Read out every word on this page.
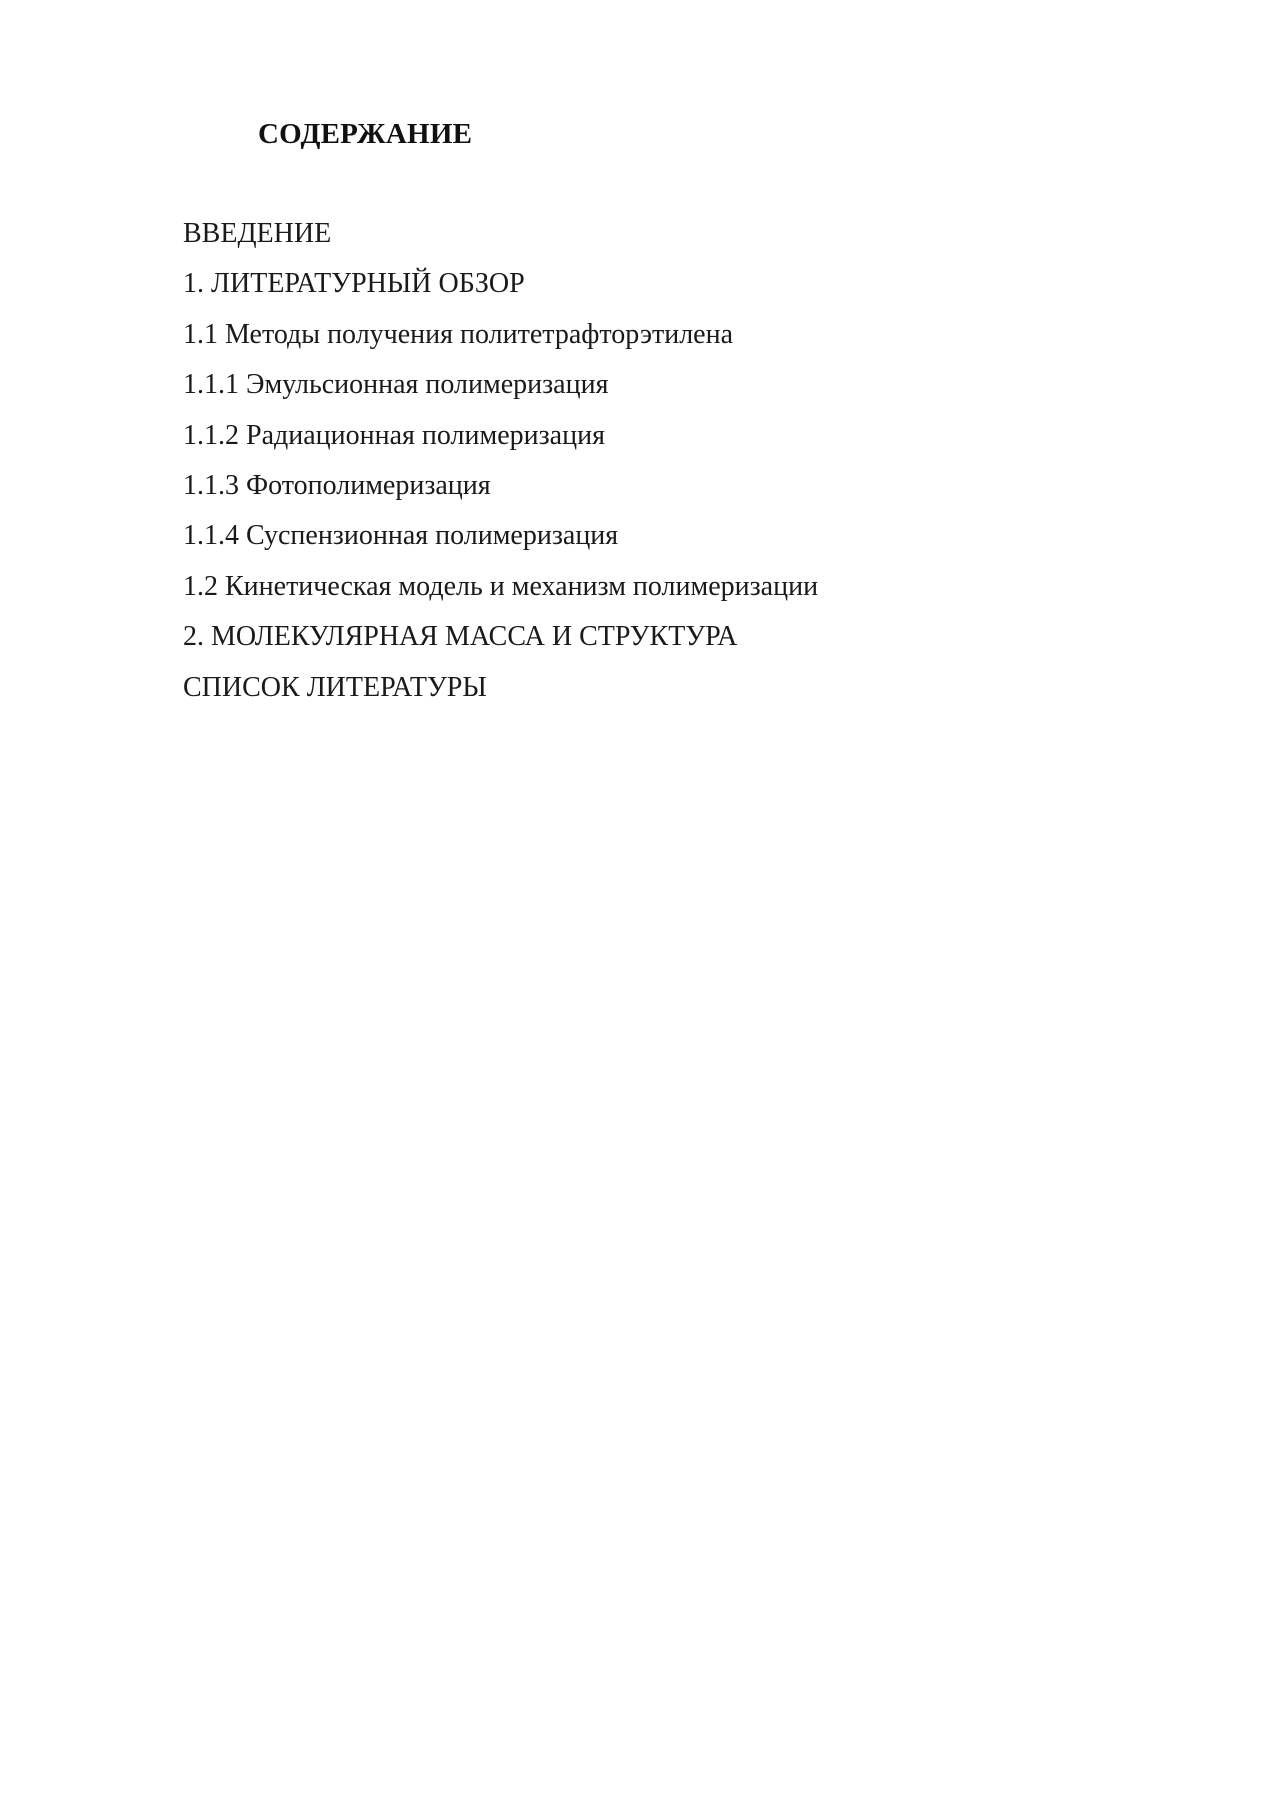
СОДЕРЖАНИЕ
ВВЕДЕНИЕ
1. ЛИТЕРАТУРНЫЙ ОБЗОР
1.1 Методы получения политетрафторэтилена
1.1.1 Эмульсионная полимеризация
1.1.2 Радиационная полимеризация
1.1.3 Фотополимеризация
1.1.4 Суспензионная полимеризация
1.2 Кинетическая модель и механизм полимеризации
2. МОЛЕКУЛЯРНАЯ МАССА И СТРУКТУРА
СПИСОК ЛИТЕРАТУРЫ
